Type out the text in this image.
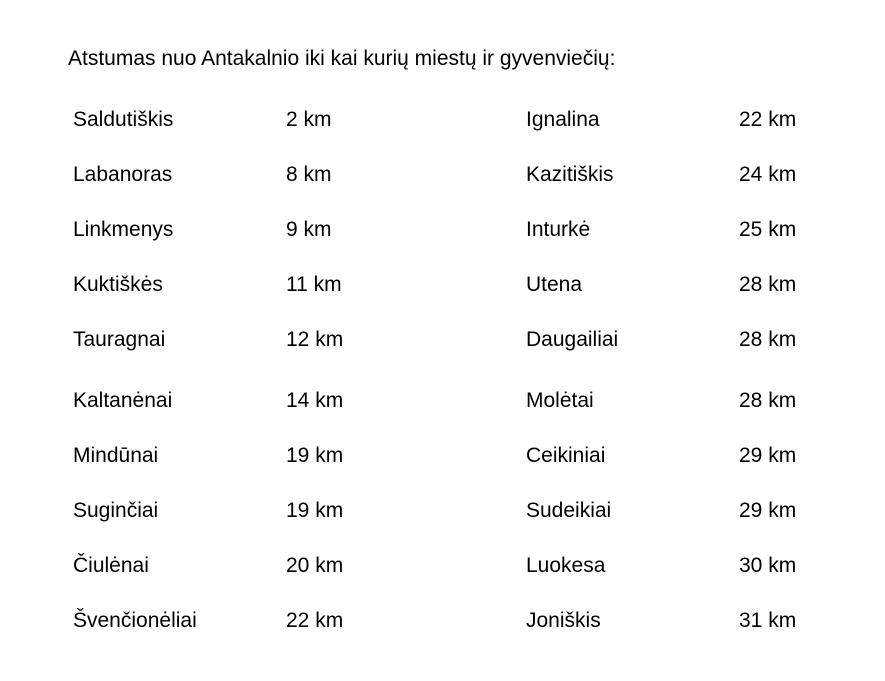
Atstumas nuo Antakalnio iki kai kurių miestų ir gyvenviečių:
Saldutiškis	2 km	Ignalina	22 km
Labanoras	8 km	Kazitiškis	24 km
Linkmenys	9 km	Inturkė	25 km
Kuktiškės	11 km	Utena	28 km
Tauragnai	12 km	Daugailiai	28 km
Kaltanėnai	14 km	Molėtai	28 km
Mindūnai	19 km	Ceikiniai	29 km
Suginčiai	19 km	Sudeikiai	29 km
Čiulėnai	20 km	Luokesa	30 km
Švenčionėliai	22 km	Joniškis	31 km
